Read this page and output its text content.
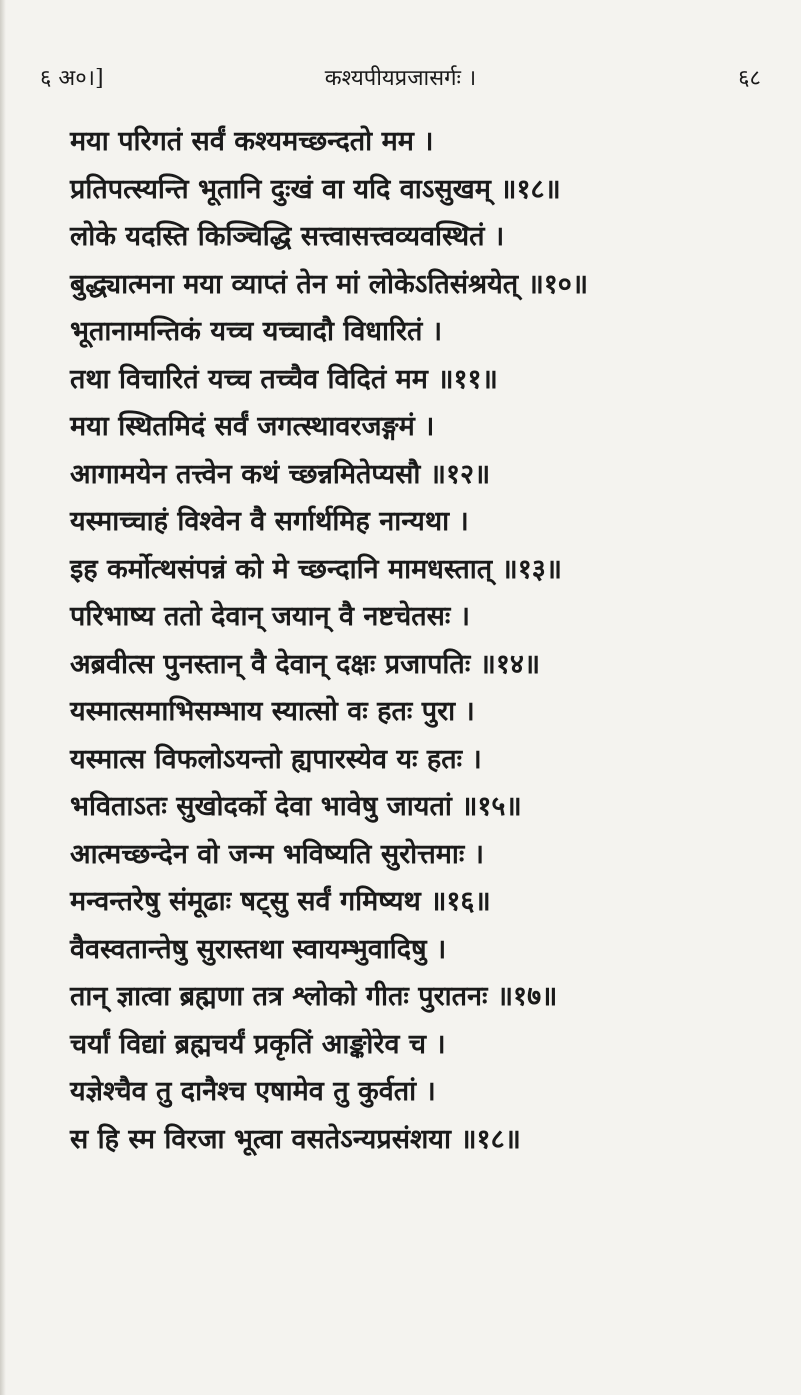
६ अ०।]	कश्यपीयप्रजासर्गः ।	६८
मया परिगतं सर्वं कश्यमच्छन्दतो मम ।
प्रतिपत्स्यन्ति भूतानि दुःखं वा यदि वाऽसुखम् ॥१८॥
लोके यदस्ति किञ्चिद्धि सत्त्वासत्त्वव्यवस्थितं ।
बुद्ध्यात्मना मया व्याप्तं तेन मां लोकेऽतिसंश्रयेत् ॥१०॥
भूतानामन्तिकं यच्च यच्चादौ विधारितं ।
तथा विचारितं यच्च तच्चैव विदितं मम ॥११॥
मया स्थितमिदं सर्वं जगत्स्थावरजङ्गमं ।
आगामयेन तत्त्वेन कथं च्छन्नमितेप्यसौ ॥१२॥
यस्माच्चाहं विश्वेन वै सर्गार्थमिह नान्यथा ।
इह कर्मोत्थसंपन्नं को मे च्छन्दानि मामधस्तात् ॥१३॥
परिभाष्य ततो देवान् जयान् वै नष्टचेतसः ।
अब्रवीत्स पुनस्तान् वै देवान् दक्षः प्रजापतिः ॥१४॥
यस्मात्समाभिसम्भाय स्यात्सो वः हतः पुरा ।
यस्मात्स विफलोऽयन्तो ह्यपारस्येव यः हतः ।
भविताऽतः सुखोदर्को देवा भावेषु जायतां ॥१५॥
आत्मच्छन्देन वो जन्म भविष्यति सुरोत्तमाः ।
मन्वन्तरेषु संमूढाः षट्सु सर्वं गमिष्यथ ॥१६॥
वैवस्वतान्तेषु सुरास्तथा स्वायम्भुवादिषु ।
तान् ज्ञात्वा ब्रह्मणा तत्र श्लोको गीतः पुरातनः ॥१७॥
चर्यां विद्यां ब्रह्मचर्यं प्रकृतिं आङ्कोरेव च ।
यज्ञेश्चैव तु दानैश्च एषामेव तु कुर्वतां ।
स हि स्म विरजा भूत्वा वसतेऽन्यप्रसंशया ॥१८॥
